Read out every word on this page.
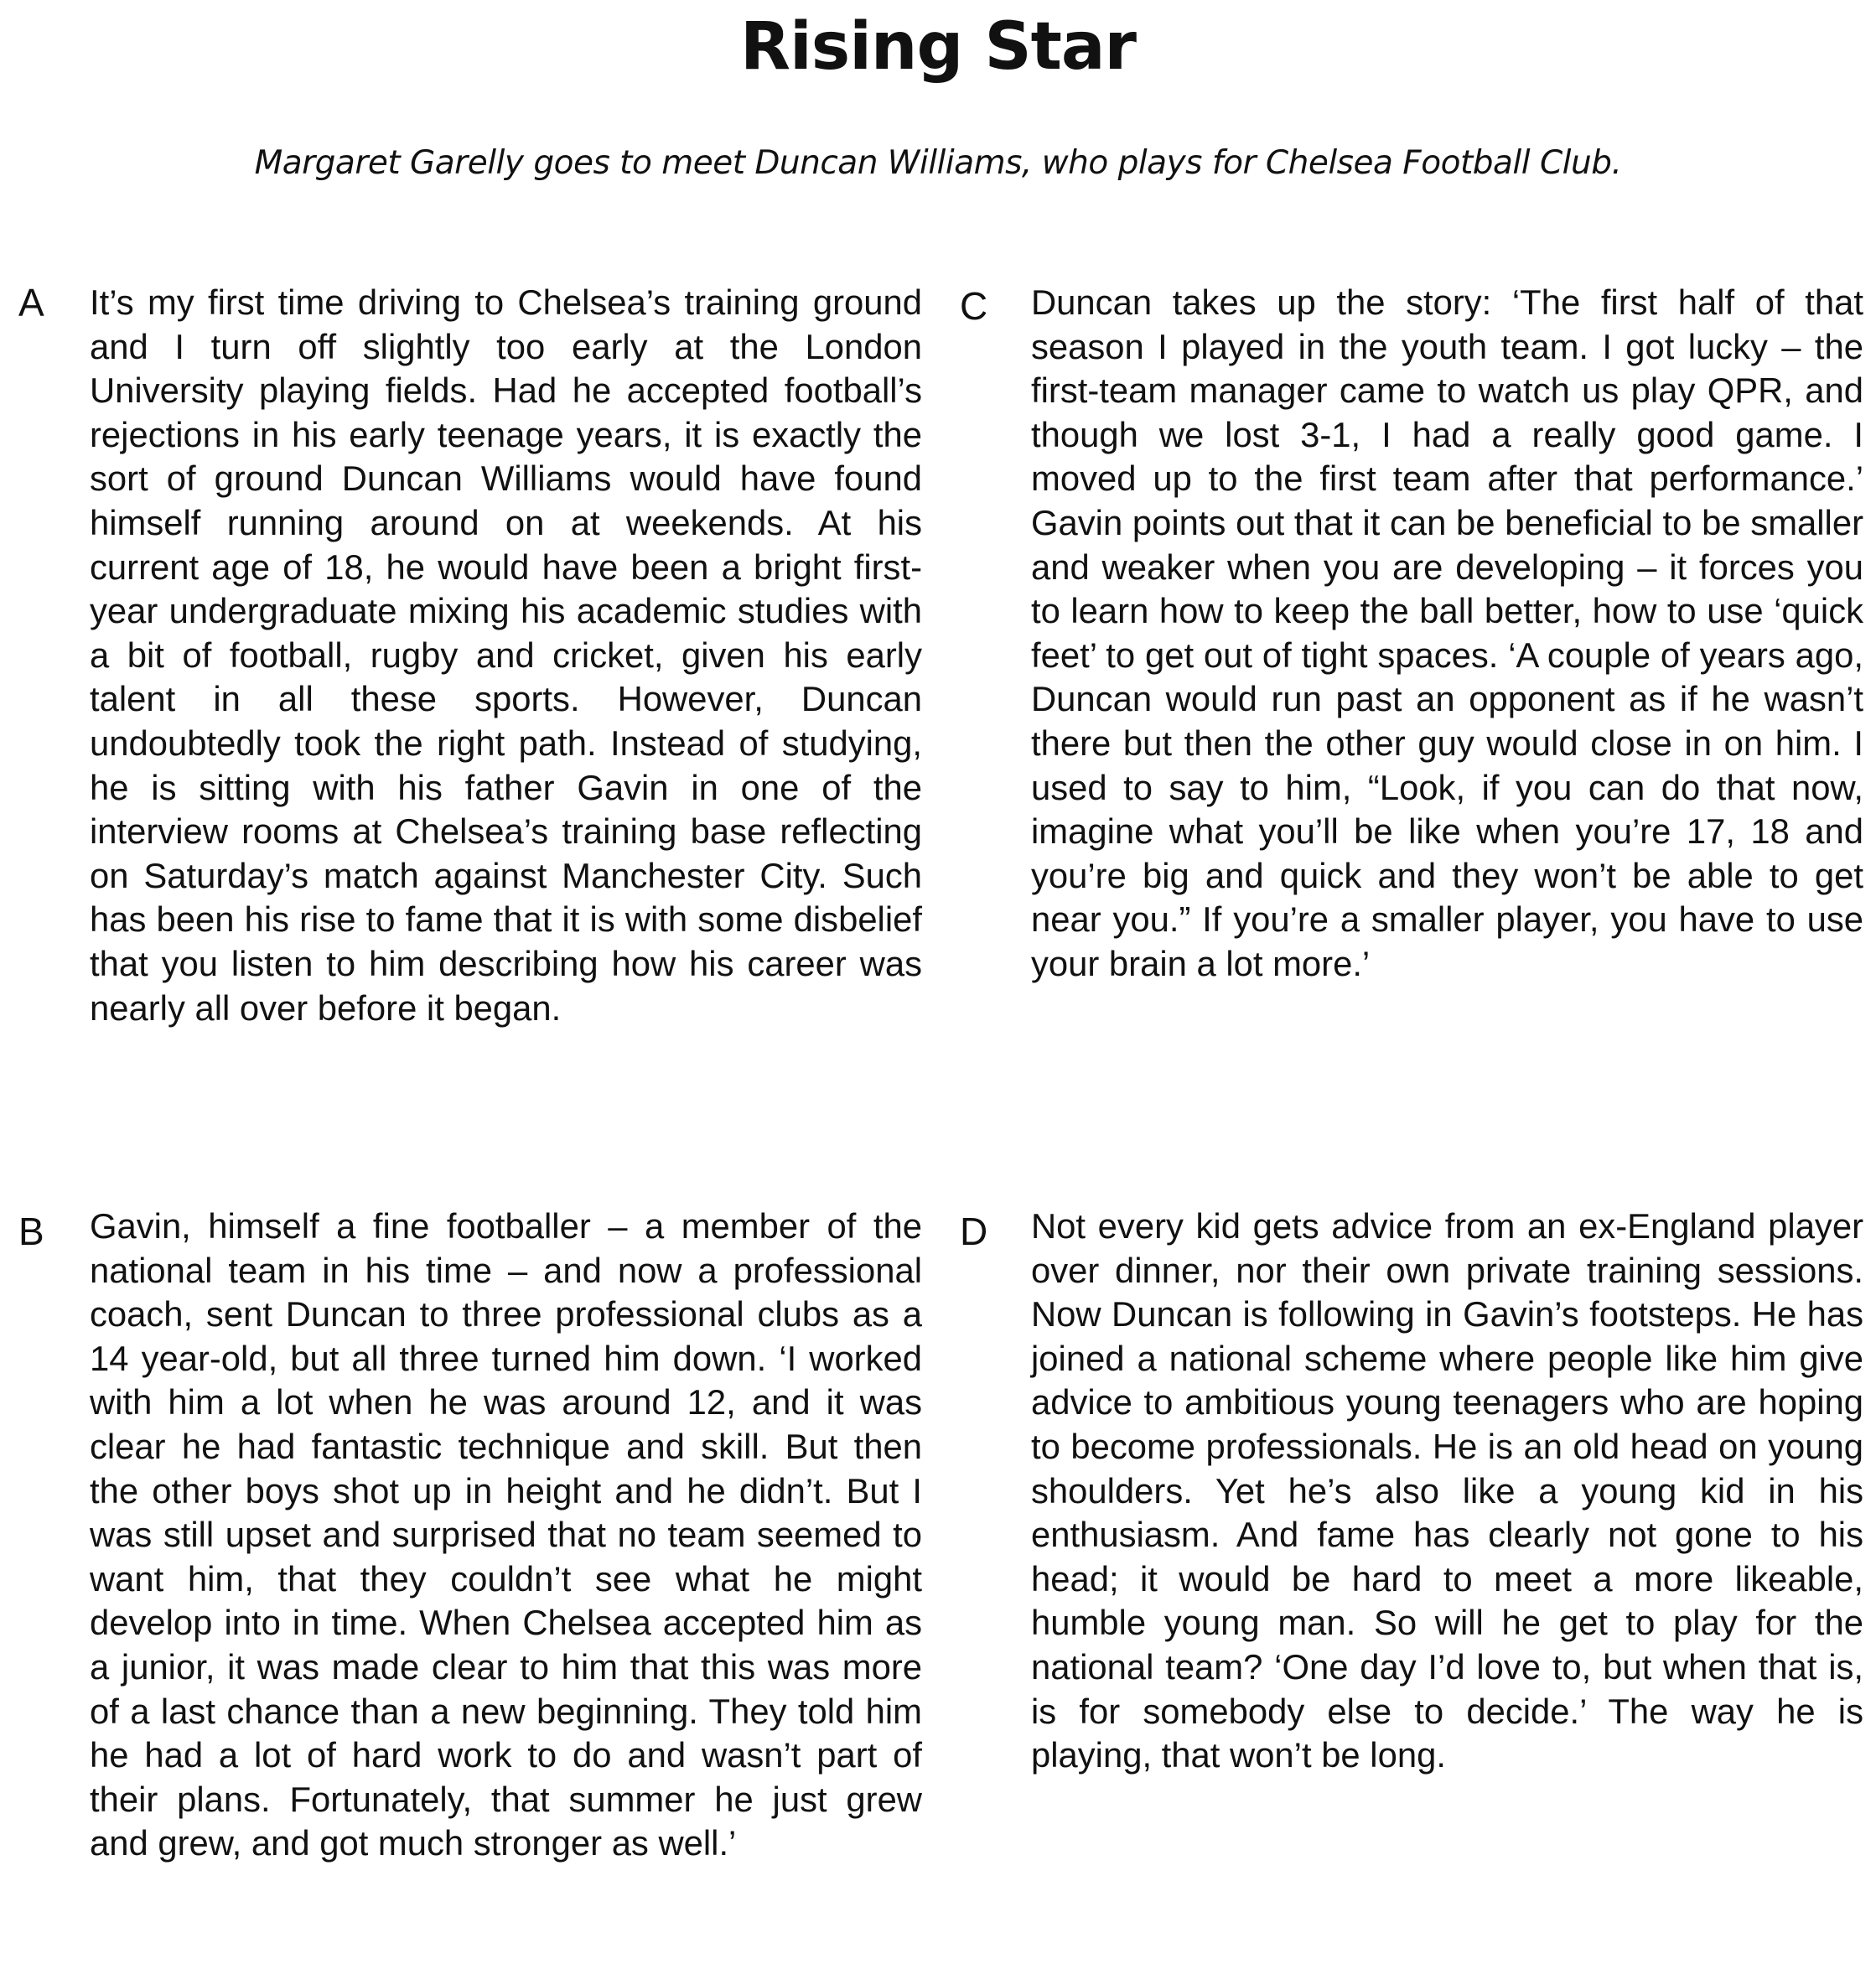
Rising Star

Margaret Garelly goes to meet Duncan Williams, who plays for Chelsea Football Club.

A It’s my first time driving to Chelsea’s training ground and I turn off slightly too early at the London University playing fields. Had he accepted football’s rejections in his early teenage years, it is exactly the sort of ground Duncan Williams would have found himself running around on at weekends. At his current age of 18, he would have been a bright first-year undergraduate mixing his academic studies with a bit of football, rugby and cricket, given his early talent in all these sports. However, Duncan undoubtedly took the right path. Instead of studying, he is sitting with his father Gavin in one of the interview rooms at Chelsea’s training base reflecting on Saturday’s match against Manchester City. Such has been his rise to fame that it is with some disbelief that you listen to him describing how his career was nearly all over before it began.

B Gavin, himself a fine footballer – a member of the national team in his time – and now a professional coach, sent Duncan to three professional clubs as a 14 year-old, but all three turned him down. ‘I worked with him a lot when he was around 12, and it was clear he had fantastic technique and skill. But then the other boys shot up in height and he didn’t. But I was still upset and surprised that no team seemed to want him, that they couldn’t see what he might develop into in time. When Chelsea accepted him as a junior, it was made clear to him that this was more of a last chance than a new beginning. They told him he had a lot of hard work to do and wasn’t part of their plans. Fortunately, that summer he just grew and grew, and got much stronger as well.’

C Duncan takes up the story: ‘The first half of that season I played in the youth team. I got lucky – the first-team manager came to watch us play QPR, and though we lost 3-1, I had a really good game. I moved up to the first team after that performance.’ Gavin points out that it can be beneficial to be smaller and weaker when you are developing – it forces you to learn how to keep the ball better, how to use ‘quick feet’ to get out of tight spaces. ‘A couple of years ago, Duncan would run past an opponent as if he wasn’t there but then the other guy would close in on him. I used to say to him, “Look, if you can do that now, imagine what you’ll be like when you’re 17, 18 and you’re big and quick and they won’t be able to get near you.” If you’re a smaller player, you have to use your brain a lot more.’

D Not every kid gets advice from an ex-England player over dinner, nor their own private training sessions. Now Duncan is following in Gavin’s footsteps. He has joined a national scheme where people like him give advice to ambitious young teenagers who are hoping to become professionals. He is an old head on young shoulders. Yet he’s also like a young kid in his enthusiasm. And fame has clearly not gone to his head; it would be hard to meet a more likeable, humble young man. So will he get to play for the national team? ‘One day I’d love to, but when that is, is for somebody else to decide.’ The way he is playing, that won’t be long.
